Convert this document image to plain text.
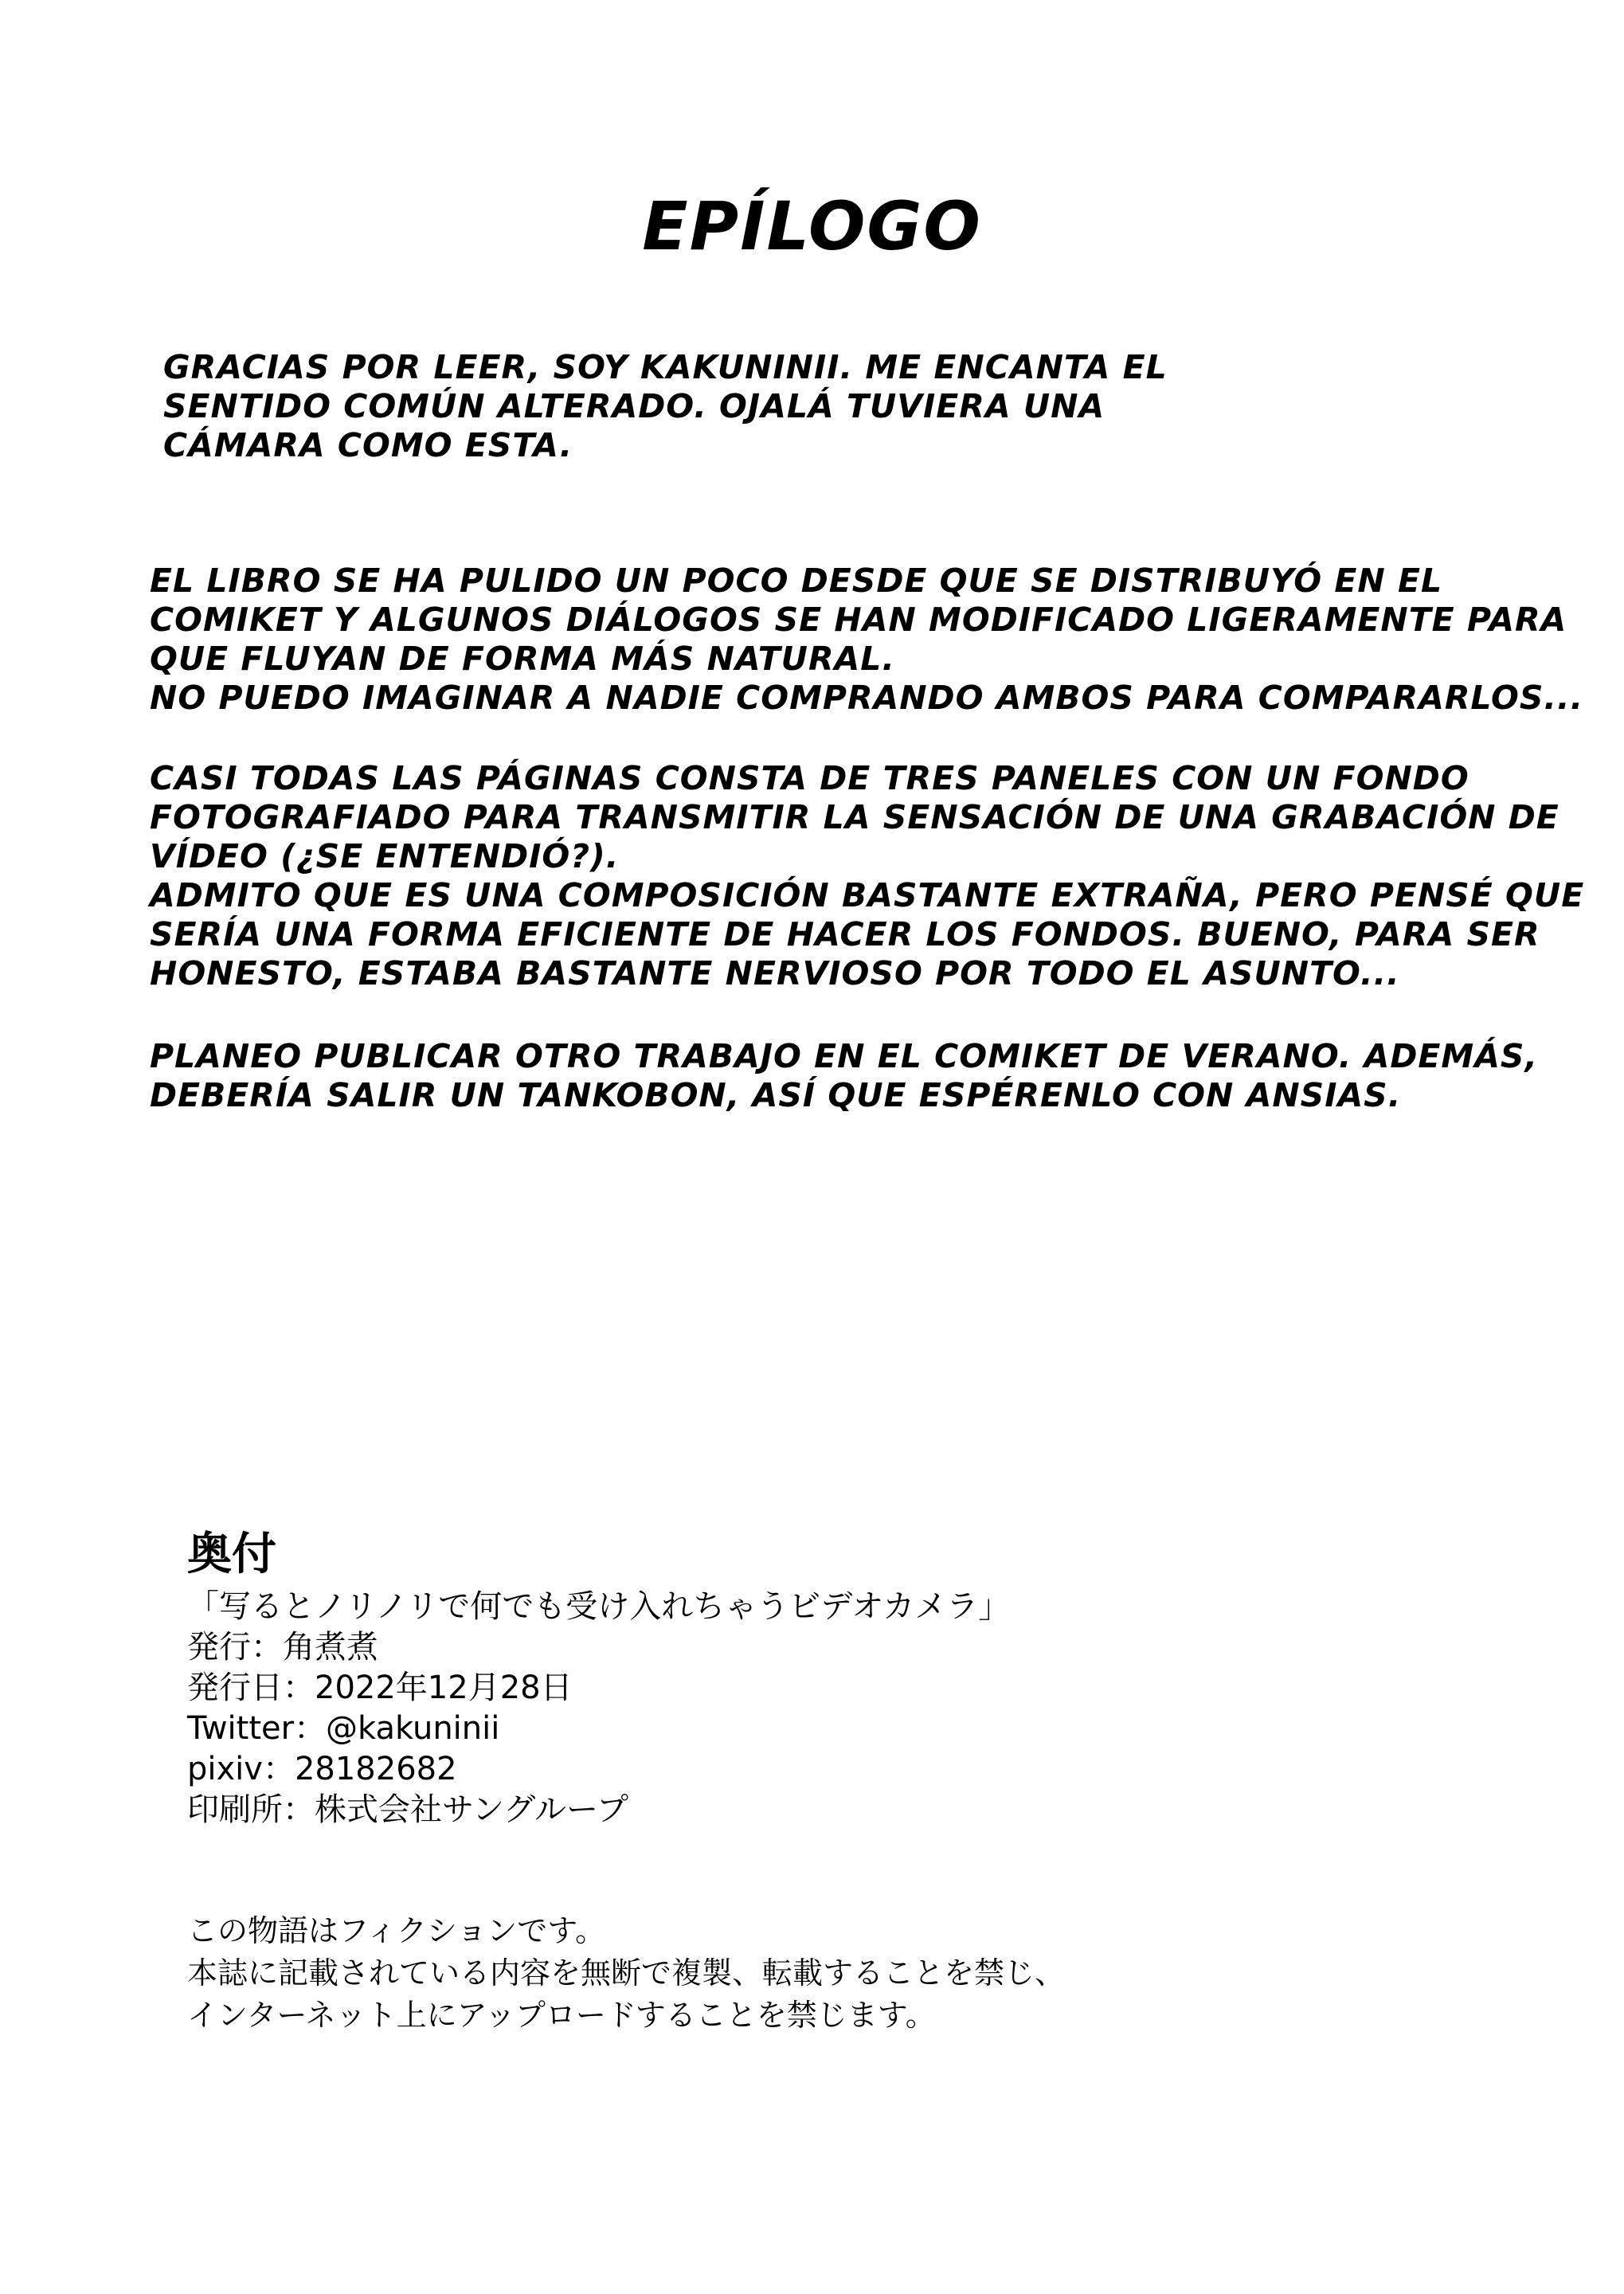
EPÍLOGO
GRACIAS POR LEER, SOY KAKUNINII. ME ENCANTA EL
SENTIDO COMÚN ALTERADO. OJALÁ TUVIERA UNA
CÁMARA COMO ESTA.
EL LIBRO SE HA PULIDO UN POCO DESDE QUE SE DISTRIBUYÓ EN EL
COMIKET Y ALGUNOS DIÁLOGOS SE HAN MODIFICADO LIGERAMENTE PARA
QUE FLUYAN DE FORMA MÁS NATURAL.
NO PUEDO IMAGINAR A NADIE COMPRANDO AMBOS PARA COMPARARLOS...
CASI TODAS LAS PÁGINAS CONSTA DE TRES PANELES CON UN FONDO
FOTOGRAFIADO PARA TRANSMITIR LA SENSACIÓN DE UNA GRABACIÓN DE
VÍDEO (¿SE ENTENDIÓ?).
ADMITO QUE ES UNA COMPOSICIÓN BASTANTE EXTRAÑA, PERO PENSÉ QUE
SERÍA UNA FORMA EFICIENTE DE HACER LOS FONDOS. BUENO, PARA SER
HONESTO, ESTABA BASTANTE NERVIOSO POR TODO EL ASUNTO...
PLANEO PUBLICAR OTRO TRABAJO EN EL COMIKET DE VERANO. ADEMÁS,
DEBERÍA SALIR UN TANKOBON, ASÍ QUE ESPÉRENLO CON ANSIAS.
奥付
「写るとノリノリで何でも受け入れちゃうビデオカメラ」
発行：角煮煮
発行日：2022年12月28日
Twitter：@kakuninii
pixiv：28182682
印刷所：株式会社サングループ
この物語はフィクションです。
本誌に記載されている内容を無断で複製、転載することを禁じ、
インターネット上にアップロードすることを禁じます。
